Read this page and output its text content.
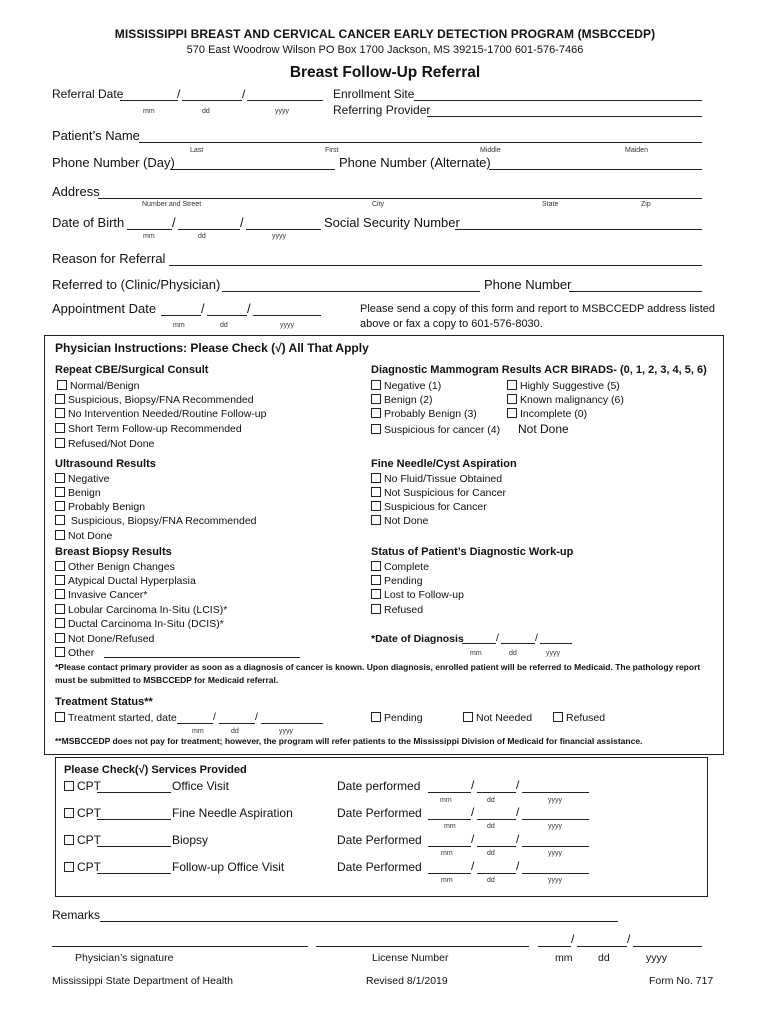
MISSISSIPPI BREAST AND CERVICAL CANCER EARLY DETECTION PROGRAM (MSBCCEDP)
570 East Woodrow Wilson PO Box 1700 Jackson, MS 39215-1700 601-576-7466
Breast Follow-Up Referral
Referral Date	/	/
mm	dd	yyyy
Enrollment Site
Referring Provider
Patient’s Name
Last	First	Middle	Maiden
Phone Number (Day)	Phone Number (Alternate)
Address
Number and Street	City	State	Zip
Date of Birth	/	/
mm	dd	yyyy
Social Security Number
Reason for Referral
Referred to (Clinic/Physician)	Phone Number
Appointment Date	/	/
mm	dd	yyyy
Please send a copy of this form and report to MSBCCEDP address listed
above or fax a copy to 601-576-8030.
Physician Instructions: Please Check (√) All That Apply
Repeat CBE/Surgical Consult
Normal/Benign
Suspicious, Biopsy/FNA Recommended
No Intervention Needed/Routine Follow-up
Short Term Follow-up Recommended
Refused/Not Done
Diagnostic Mammogram Results ACR BIRADS- (0, 1, 2, 3, 4, 5, 6)
Negative (1)
Benign (2)
Probably Benign (3)
Suspicious for cancer (4)
Highly Suggestive (5)
Known malignancy (6)
Incomplete (0)
Not Done
Ultrasound Results
Negative
Benign
Probably Benign
Suspicious, Biopsy/FNA Recommended
Not Done
Fine Needle/Cyst Aspiration
No Fluid/Tissue Obtained
Not Suspicious for Cancer
Suspicious for Cancer
Not Done
Breast Biopsy Results
Other Benign Changes
Atypical Ductal Hyperplasia
Invasive Cancer*
Lobular Carcinoma In-Situ (LCIS)*
Ductal Carcinoma In-Situ (DCIS)*
Not Done/Refused
Other
Status of Patient’s Diagnostic Work-up
Complete
Pending
Lost to Follow-up
Refused
*Date of Diagnosis	/	/
mm	dd	yyyy
*Please contact primary provider as soon as a diagnosis of cancer is known. Upon diagnosis, enrolled patient will be referred to Medicaid. The pathology report must be submitted to MSBCCEDP for Medicaid referral.
Treatment Status**
Treatment started, date	/	/
mm	dd	yyyy
Pending	Not Needed	Refused
**MSBCCEDP does not pay for treatment; however, the program will refer patients to the Mississippi Division of Medicaid for financial assistance.
Please Check(√) Services Provided
CPT	Office Visit	Date performed	/	/
mm	dd	yyyy
CPT	Fine Needle Aspiration	Date Performed	/	/
mm	dd	yyyy
CPT	Biopsy	Date Performed	/	/
mm	dd	yyyy
CPT	Follow-up Office Visit	Date Performed	/	/
mm	dd	yyyy
Remarks
/	/
Physician’s signature	License Number	mm dd	yyyy
Mississippi State Department of Health	Revised 8/1/2019	Form No. 717
